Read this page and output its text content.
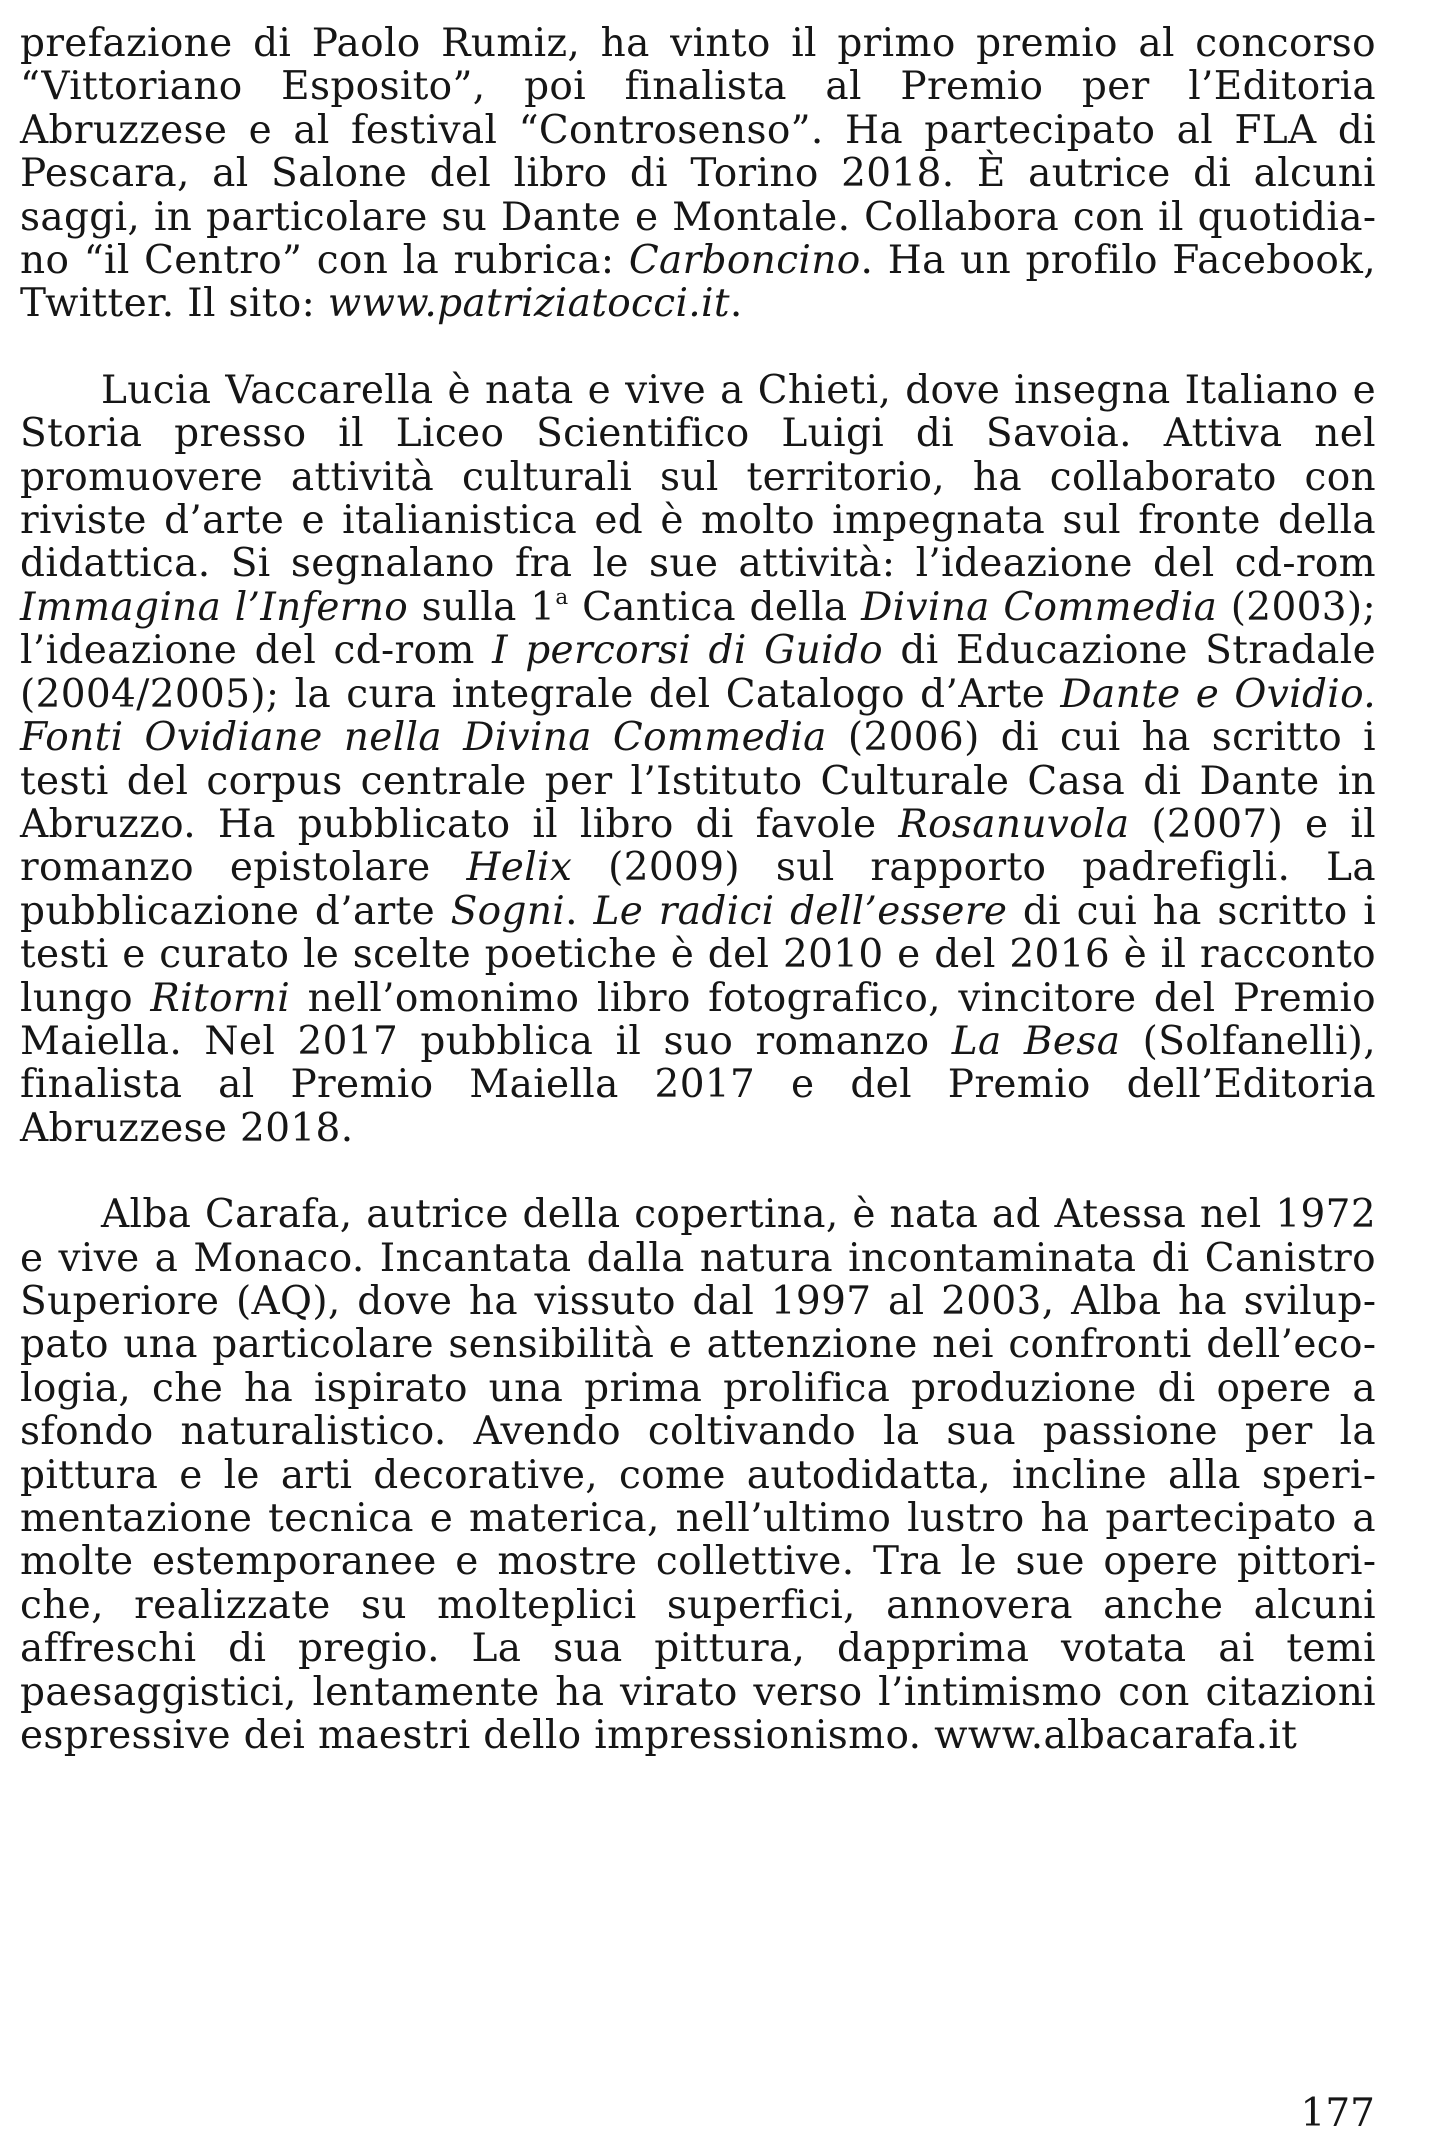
prefazione di Paolo Rumiz, ha vinto il primo premio al concorso “Vittoriano Esposito”, poi finalista al Premio per l’Editoria Abruzzese e al festival “Controsenso”. Ha partecipato al FLA di Pescara, al Salone del libro di Torino 2018. È autrice di alcuni saggi, in particolare su Dante e Montale. Collabora con il quotidiano “il Centro” con la rubrica: Carboncino. Ha un profilo Facebook, Twitter. Il sito: www.patriziatocci.it.

Lucia Vaccarella è nata e vive a Chieti, dove insegna Italiano e Storia presso il Liceo Scientifico Luigi di Savoia. Attiva nel promuovere attività culturali sul territorio, ha collaborato con riviste d’arte e italianistica ed è molto impegnata sul fronte della didattica. Si segnalano fra le sue attività: l’ideazione del cd-rom Immagina l’Inferno sulla 1$^a$ Cantica della Divina Commedia (2003); l’ideazione del cd-rom I percorsi di Guido di Educazione Stradale (2004/2005); la cura integrale del Catalogo d’Arte Dante e Ovidio. Fonti Ovidiane nella Divina Commedia (2006) di cui ha scritto i testi del corpus centrale per l’Istituto Culturale Casa di Dante in Abruzzo. Ha pubblicato il libro di favole Rosanuvola (2007) e il romanzo epistolare Helix (2009) sul rapporto padrefigli. La pubblicazione d’arte Sogni. Le radici dell’essere di cui ha scritto i testi e curato le scelte poetiche è del 2010 e del 2016 è il racconto lungo Ritorni nell’omonimo libro fotografico, vincitore del Premio Maiella. Nel 2017 pubblica il suo romanzo La Besa (Solfanelli), finalista al Premio Maiella 2017 e del Premio dell’Editoria Abruzzese 2018.

Alba Carafa, autrice della copertina, è nata ad Atessa nel 1972 e vive a Monaco. Incantata dalla natura incontaminata di Canistro Superiore (AQ), dove ha vissuto dal 1997 al 2003, Alba ha sviluppato una particolare sensibilità e attenzione nei confronti dell’ecologia, che ha ispirato una prima prolifica produzione di opere a sfondo naturalistico. Avendo coltivando la sua passione per la pittura e le arti decorative, come autodidatta, incline alla sperimentazione tecnica e materica, nell’ultimo lustro ha partecipato a molte estemporanee e mostre collettive. Tra le sue opere pittoriche, realizzate su molteplici superfici, annovera anche alcuni affreschi di pregio. La sua pittura, dapprima votata ai temi paesaggistici, lentamente ha virato verso l’intimismo con citazioni espressive dei maestri dello impressionismo. www.albacarafa.it

177
